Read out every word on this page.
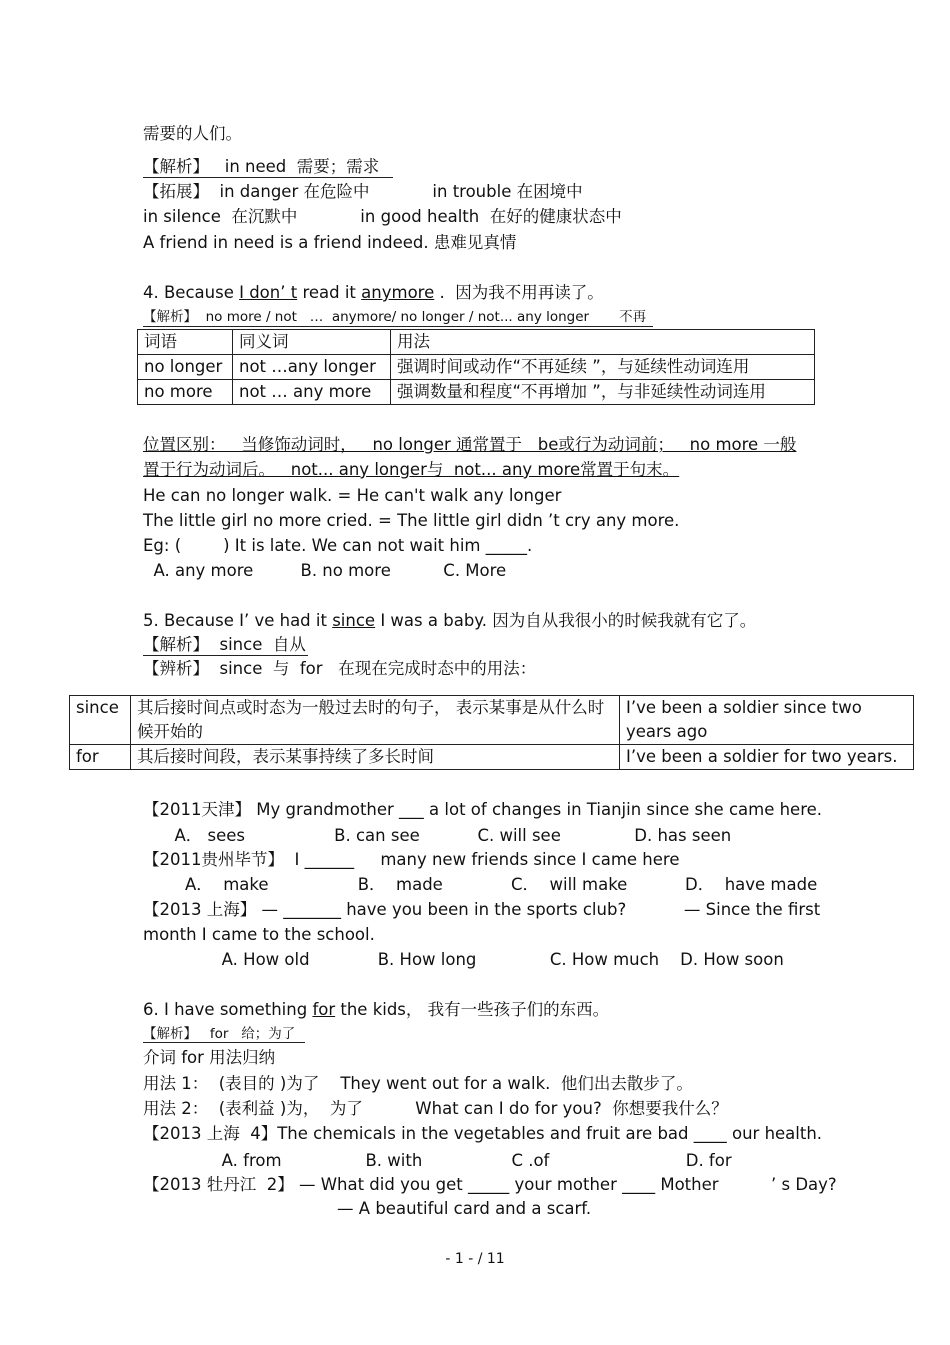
需要的人们。
【解析】   in need  需要；需求
【拓展】  in danger 在危险中            in trouble 在困境中
in silence  在沉默中            in good health  在好的健康状态中
A friend in need is a friend indeed. 患难见真情
4. Because I don’ t read it anymore .  因为我不用再读了。
【解析】  no more / not   …  anymore/ no longer / not... any longer       不再
词语	同义词	用法
no longer	not …any longer	强调时间或动作“不再延续 ”，与延续性动词连用
no more	not … any more	强调数量和程度“不再增加 ”，与非延续性动词连用
位置区别：   当修饰动词时，   no longer 通常置于   be或行为动词前；   no more 一般
置于行为动词后。   not... any longer与  not... any more常置于句末。
He can no longer walk. = He can't walk any longer
The little girl no more cried. = The little girl didn ’t cry any more.
Eg: (        ) It is late. We can not wait him _____.
A. any more         B. no more          C. More
5. Because I’ ve had it since I was a baby. 因为自从我很小的时候我就有它了。
【解析】  since  自从
【辨析】  since  与  for   在现在完成时态中的用法：
since	其后接时间点或时态为一般过去时的句子， 表示某事是从什么时候开始的	I’ve been a soldier since two years ago
for	其后接时间段，表示某事持续了多长时间	I’ve been a soldier for two years.
【2011天津】 My grandmother ___ a lot of changes in Tianjin since she came here.
A． sees                 B. can see           C. will see              D. has seen
【2011贵州毕节】  I ______     many new friends since I came here
A．  make                 B．  made             C．  will make           D．  have made
【2013 上海】 — _______ have you been in the sports club?           — Since the first
month I came to the school.
A. How old             B. How long              C. How much    D. How soon
6. I have something for the kids， 我有一些孩子们的东西。
【解析】   for   给；为了
介词 for 用法归纳
用法 1：  (表目的 )为了    They went out for a walk.  他们出去散步了。
用法 2：  (表利益 )为，  为了          What can I do for you?  你想要我什么？
【2013 上海  4】The chemicals in the vegetables and fruit are bad ____ our health.
A. from                B. with                 C .of                          D. for
【2013 牡丹江  2】 — What did you get _____ your mother ____ Mother          ’ s Day?
— A beautiful card and a scarf.
- 1 - / 11
